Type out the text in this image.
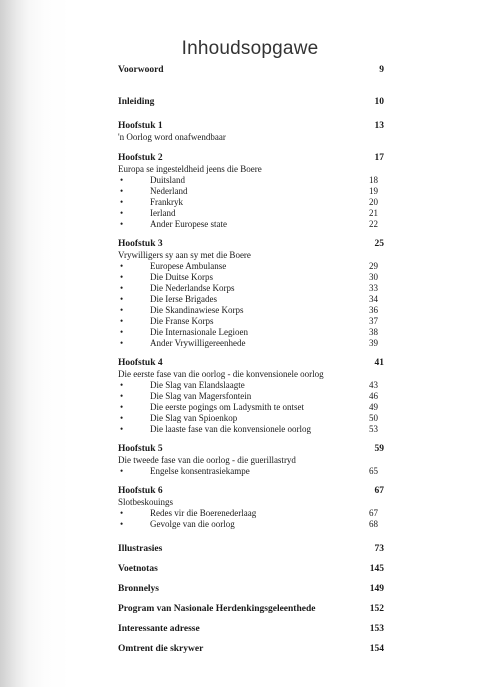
Inhoudsopgawe
Voorwoord	9
Inleiding	10
Hoofstuk 1	13
'n Oorlog word onafwendbaar
Hoofstuk 2	17
Europa se ingesteldheid jeens die Boere
•	Duitsland	18
•	Nederland	19
•	Frankryk	20
•	Ierland	21
•	Ander Europese state	22
Hoofstuk 3	25
Vrywilligers sy aan sy met die Boere
•	Europese Ambulanse	29
•	Die Duitse Korps	30
•	Die Nederlandse Korps	33
•	Die Ierse Brigades	34
•	Die Skandinawiese Korps	36
•	Die Franse Korps	37
•	Die Internasionale Legioen	38
•	Ander Vrywilligereenhede	39
Hoofstuk 4	41
Die eerste fase van die oorlog - die konvensionele oorlog
•	Die Slag van Elandslaagte	43
•	Die Slag van Magersfontein	46
•	Die eerste pogings om Ladysmith te ontset	49
•	Die Slag van Spioenkop	50
•	Die laaste fase van die konvensionele oorlog	53
Hoofstuk 5	59
Die tweede fase van die oorlog - die guerillastryd
•	Engelse konsentrasiekampe	65
Hoofstuk 6	67
Slotbeskouings
•	Redes vir die Boerenederlaag	67
•	Gevolge van die oorlog	68
Illustrasies	73
Voetnotas	145
Bronnelys	149
Program van Nasionale Herdenkingsgeleenthede	152
Interessante adresse	153
Omtrent die skrywer	154
